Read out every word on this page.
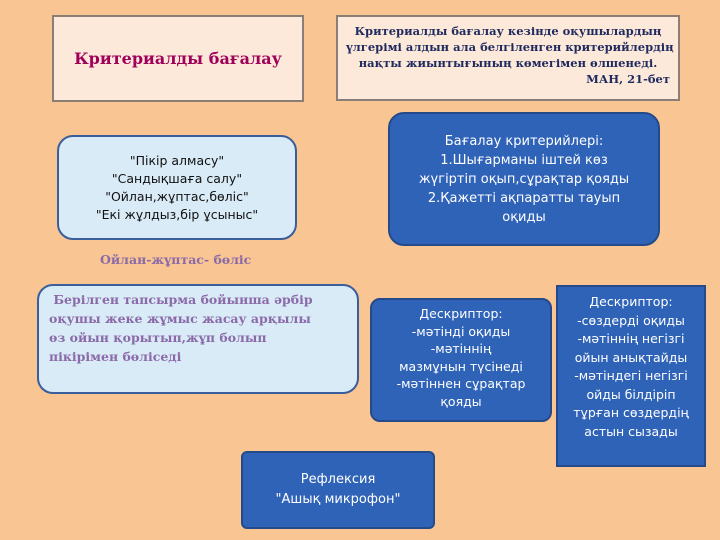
Критериалды бағалау
Критериалды бағалау кезінде оқушылардың
үлгерімі алдын ала белгіленген критерийлердің
нақты жиынтығының көмегімен өлшенеді.
МАН, 21-бет
"Пікір алмасу"
"Сандықшаға салу"
"Ойлан,жұптас,бөліс"
"Екі жұлдыз,бір ұсыныс"
Бағалау критерийлері:
1.Шығарманы іштей көз
жүгіртіп оқып,сұрақтар қояды
2.Қажетті ақпаратты тауып
оқиды
Ойлан-жұптас- бөліс
Берілген тапсырма бойынша әрбір
оқушы жеке жұмыс жасау арқылы
өз ойын қорытып,жұп болып
пікірімен бөліседі
Дескриптор:
-мәтінді оқиды
-мәтіннің
мазмұнын түсінеді
-мәтіннен сұрақтар
қояды
Дескриптор:
-сөздерді оқиды
-мәтіннің негізгі
ойын анықтайды
-мәтіндегі негізгі
ойды білдіріп
тұрған сөздердің
астын сызады
Рефлексия
"Ашық микрофон"
